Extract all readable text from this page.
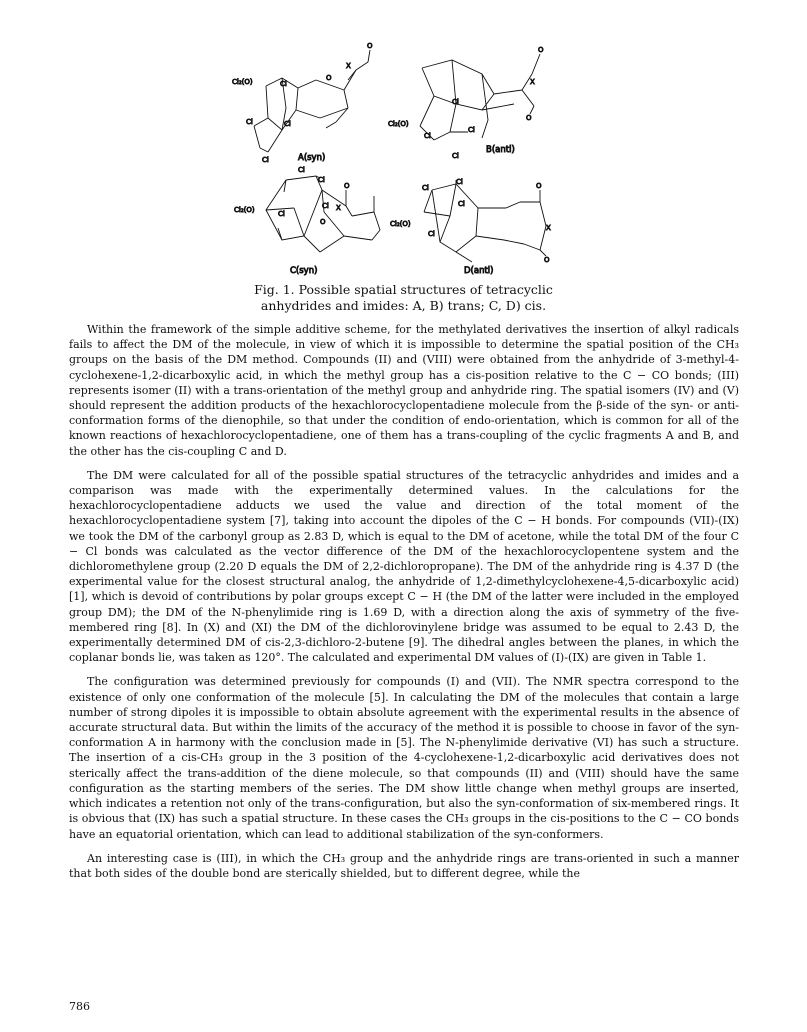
Cl₂(O)	Cl
Cl	Cl
Cl
O
X
O
A(syn)
Cl
Cl₂(O)
Cl
Cl
Cl
O
X
O
B(anti)
Cl
Cl
Cl₂(O)	Cl
Cl X
O
O
C(syn)
Cl
Cl
Cl
Cl₂(O)
Cl
O
X
O
D(anti)
Fig. 1. Possible spatial structures of tetracyclic
anhydrides and imides: A, B) trans; C, D) cis.

Within the framework of the simple additive scheme, for the methylated derivatives the insertion of alkyl radicals fails to affect the DM of the molecule, in view of which it is impossible to determine the spatial position of the CH₃ groups on the basis of the DM method. Compounds (II) and (VIII) were obtained from the anhydride of 3-methyl-4-cyclohexene-1,2-dicarboxylic acid, in which the methyl group has a cis-position relative to the C − CO bonds; (III) represents isomer (II) with a trans-orientation of the methyl group and anhydride ring. The spatial isomers (IV) and (V) should represent the addition products of the hexachlorocyclopentadiene molecule from the β-side of the syn- or anti-conformation forms of the dienophile, so that under the condition of endo-orientation, which is common for all of the known reactions of hexachlorocyclopentadiene, one of them has a trans-coupling of the cyclic fragments A and B, and the other has the cis-coupling C and D.

The DM were calculated for all of the possible spatial structures of the tetracyclic anhydrides and imides and a comparison was made with the experimentally determined values. In the calculations for the hexachlorocyclopentadiene adducts we used the value and direction of the total moment of the hexachlorocyclopentadiene system [7], taking into account the dipoles of the C − H bonds. For compounds (VII)-(IX) we took the DM of the carbonyl group as 2.83 D, which is equal to the DM of acetone, while the total DM of the four C − Cl bonds was calculated as the vector difference of the DM of the hexachlorocyclopentene system and the dichloromethylene group (2.20 D equals the DM of 2,2-dichloropropane). The DM of the anhydride ring is 4.37 D (the experimental value for the closest structural analog, the anhydride of 1,2-dimethylcyclohexene-4,5-dicarboxylic acid) [1], which is devoid of contributions by polar groups except C − H (the DM of the latter were included in the employed group DM); the DM of the N-phenylimide ring is 1.69 D, with a direction along the axis of symmetry of the five-membered ring [8]. In (X) and (XI) the DM of the dichlorovinylene bridge was assumed to be equal to 2.43 D, the experimentally determined DM of cis-2,3-dichloro-2-butene [9]. The dihedral angles between the planes, in which the coplanar bonds lie, was taken as 120°. The calculated and experimental DM values of (I)-(IX) are given in Table 1.

The configuration was determined previously for compounds (I) and (VII). The NMR spectra correspond to the existence of only one conformation of the molecule [5]. In calculating the DM of the molecules that contain a large number of strong dipoles it is impossible to obtain absolute agreement with the experimental results in the absence of accurate structural data. But within the limits of the accuracy of the method it is possible to choose in favor of the syn-conformation A in harmony with the conclusion made in [5]. The N-phenylimide derivative (VI) has such a structure. The insertion of a cis-CH₃ group in the 3 position of the 4-cyclohexene-1,2-dicarboxylic acid derivatives does not sterically affect the trans-addition of the diene molecule, so that compounds (II) and (VIII) should have the same configuration as the starting members of the series. The DM show little change when methyl groups are inserted, which indicates a retention not only of the trans-configuration, but also the syn-conformation of six-membered rings. It is obvious that (IX) has such a spatial structure. In these cases the CH₃ groups in the cis-positions to the C − CO bonds have an equatorial orientation, which can lead to additional stabilization of the syn-conformers.

An interesting case is (III), in which the CH₃ group and the anhydride rings are trans-oriented in such a manner that both sides of the double bond are sterically shielded, but to different degree, while the

786
